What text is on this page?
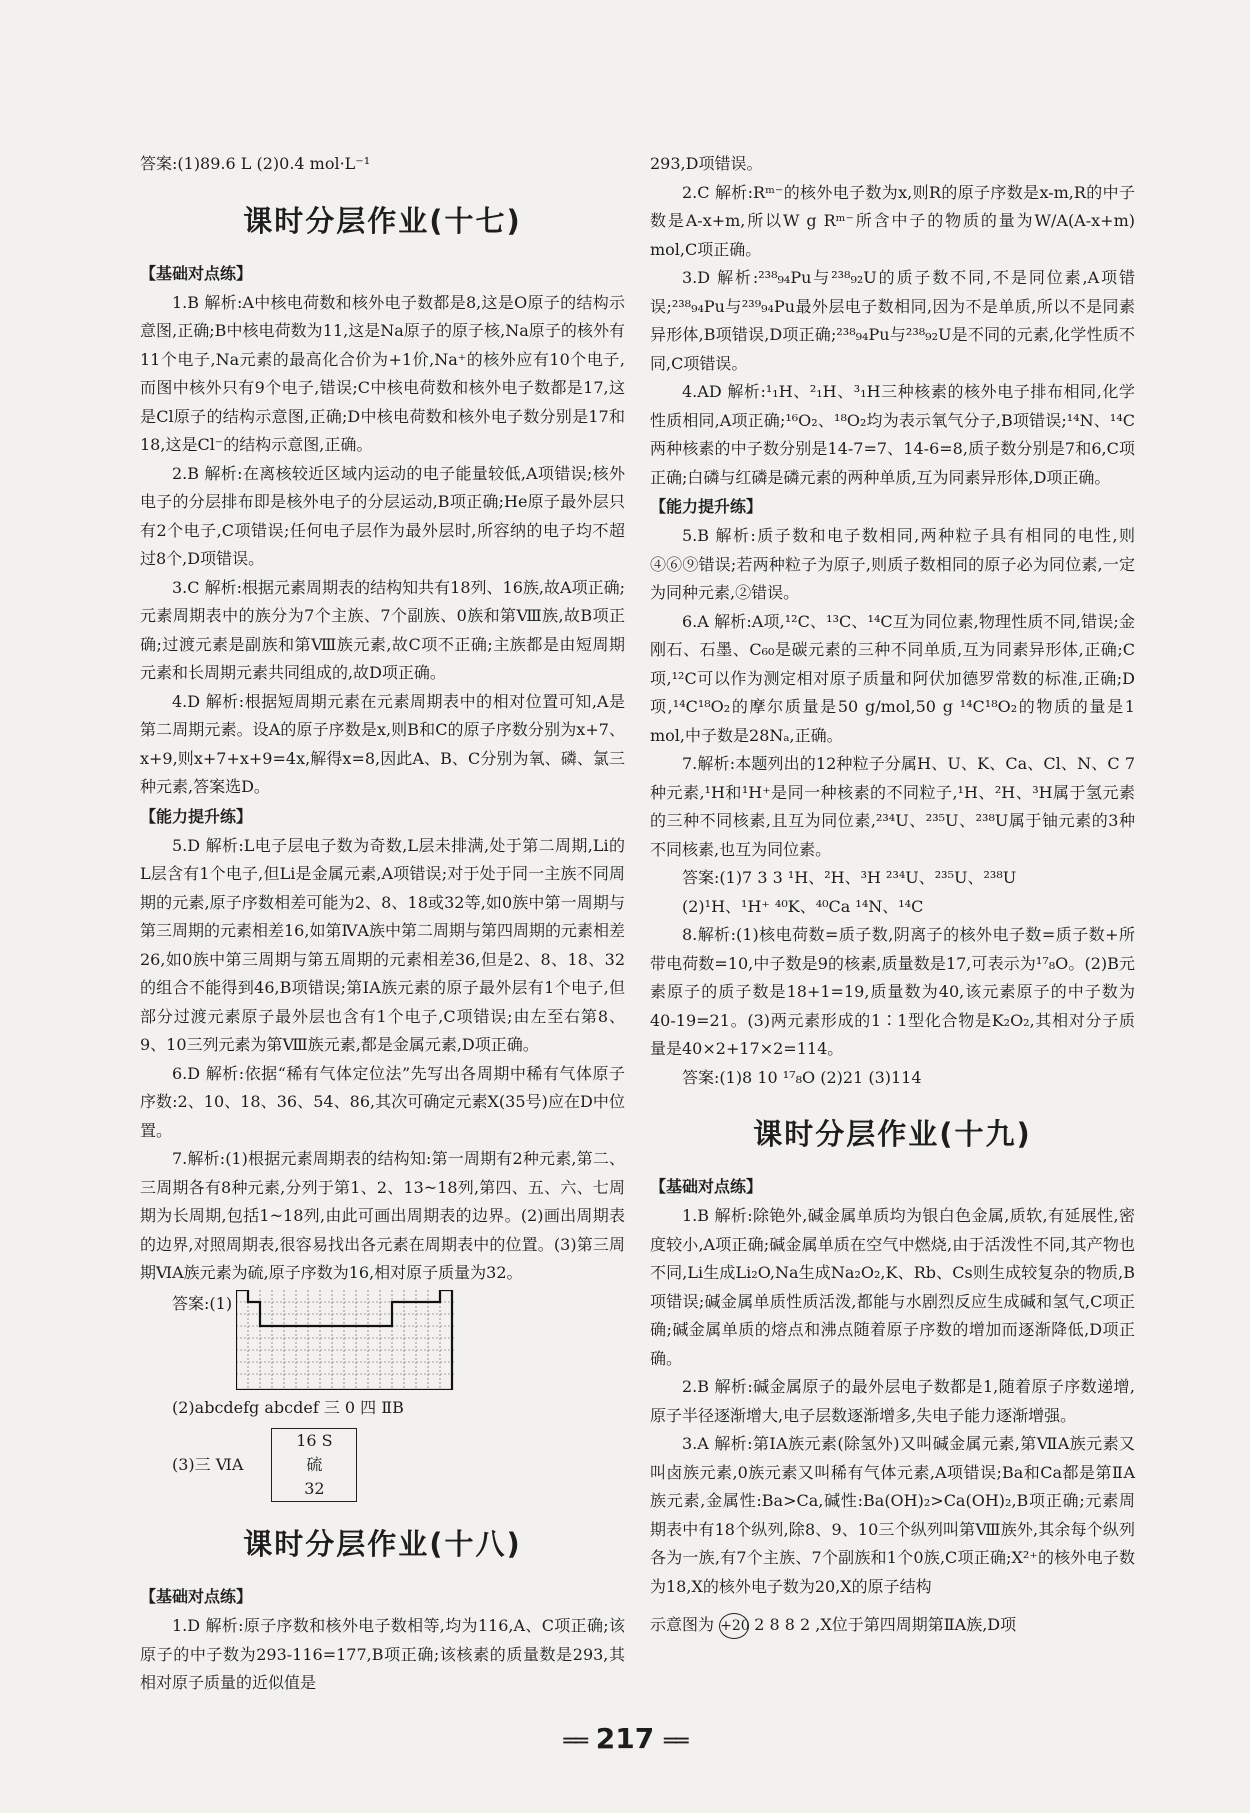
答案:(1)89.6 L (2)0.4 mol·L⁻¹

课时分层作业(十七)
【基础对点练】

1.B 解析:A中核电荷数和核外电子数都是8,这是O原子的结构示意图,正确;B中核电荷数为11,这是Na原子的原子核,Na原子的核外有11个电子,Na元素的最高化合价为+1价,Na⁺的核外应有10个电子,而图中核外只有9个电子,错误;C中核电荷数和核外电子数都是17,这是Cl原子的结构示意图,正确;D中核电荷数和核外电子数分别是17和18,这是Cl⁻的结构示意图,正确。

2.B 解析:在离核较近区域内运动的电子能量较低,A项错误;核外电子的分层排布即是核外电子的分层运动,B项正确;He原子最外层只有2个电子,C项错误;任何电子层作为最外层时,所容纳的电子均不超过8个,D项错误。

3.C 解析:根据元素周期表的结构知共有18列、16族,故A项正确;元素周期表中的族分为7个主族、7个副族、0族和第Ⅷ族,故B项正确;过渡元素是副族和第Ⅷ族元素,故C项不正确;主族都是由短周期元素和长周期元素共同组成的,故D项正确。

4.D 解析:根据短周期元素在元素周期表中的相对位置可知,A是第二周期元素。设A的原子序数是x,则B和C的原子序数分别为x+7、x+9,则x+7+x+9=4x,解得x=8,因此A、B、C分别为氧、磷、氯三种元素,答案选D。

【能力提升练】

5.D 解析:L电子层电子数为奇数,L层未排满,处于第二周期,Li的L层含有1个电子,但Li是金属元素,A项错误;对于处于同一主族不同周期的元素,原子序数相差可能为2、8、18或32等,如0族中第一周期与第三周期的元素相差16,如第ⅣA族中第二周期与第四周期的元素相差26,如0族中第三周期与第五周期的元素相差36,但是2、8、18、32的组合不能得到46,B项错误;第ⅠA族元素的原子最外层有1个电子,但部分过渡元素原子最外层也含有1个电子,C项错误;由左至右第8、9、10三列元素为第Ⅷ族元素,都是金属元素,D项正确。

6.D 解析:依据“稀有气体定位法”先写出各周期中稀有气体原子序数:2、10、18、36、54、86,其次可确定元素X(35号)应在D中位置。

7.解析:(1)根据元素周期表的结构知:第一周期有2种元素,第二、三周期各有8种元素,分列于第1、2、13~18列,第四、五、六、七周期为长周期,包括1~18列,由此可画出周期表的边界。(2)画出周期表的边界,对照周期表,很容易找出各元素在周期表中的位置。(3)第三周期ⅥA族元素为硫,原子序数为16,相对原子质量为32。

答案:(1)

(2)abcdefg abcdef 三 0 四 ⅡB

(3)三 ⅥA
16 S
硫
32
课时分层作业(十八)
【基础对点练】

1.D 解析:原子序数和核外电子数相等,均为116,A、C项正确;该原子的中子数为293-116=177,B项正确;该核素的质量数是293,其相对原子质量的近似值是

293,D项错误。

2.C 解析:Rᵐ⁻的核外电子数为x,则R的原子序数是x-m,R的中子数是A-x+m,所以W g Rᵐ⁻所含中子的物质的量为W/A(A-x+m) mol,C项正确。

3.D 解析:²³⁸₉₄Pu与²³⁸₉₂U的质子数不同,不是同位素,A项错误;²³⁸₉₄Pu与²³⁹₉₄Pu最外层电子数相同,因为不是单质,所以不是同素异形体,B项错误,D项正确;²³⁸₉₄Pu与²³⁸₉₂U是不同的元素,化学性质不同,C项错误。

4.AD 解析:¹₁H、²₁H、³₁H三种核素的核外电子排布相同,化学性质相同,A项正确;¹⁶O₂、¹⁸O₂均为表示氧气分子,B项错误;¹⁴N、¹⁴C两种核素的中子数分别是14-7=7、14-6=8,质子数分别是7和6,C项正确;白磷与红磷是磷元素的两种单质,互为同素异形体,D项正确。

【能力提升练】

5.B 解析:质子数和电子数相同,两种粒子具有相同的电性,则④⑥⑨错误;若两种粒子为原子,则质子数相同的原子必为同位素,一定为同种元素,②错误。

6.A 解析:A项,¹²C、¹³C、¹⁴C互为同位素,物理性质不同,错误;金刚石、石墨、C₆₀是碳元素的三种不同单质,互为同素异形体,正确;C项,¹²C可以作为测定相对原子质量和阿伏加德罗常数的标准,正确;D项,¹⁴C¹⁸O₂的摩尔质量是50 g/mol,50 g ¹⁴C¹⁸O₂的物质的量是1 mol,中子数是28Nₐ,正确。

7.解析:本题列出的12种粒子分属H、U、K、Ca、Cl、N、C 7种元素,¹H和¹H⁺是同一种核素的不同粒子,¹H、²H、³H属于氢元素的三种不同核素,且互为同位素,²³⁴U、²³⁵U、²³⁸U属于铀元素的3种不同核素,也互为同位素。

答案:(1)7 3 3 ¹H、²H、³H ²³⁴U、²³⁵U、²³⁸U

(2)¹H、¹H⁺ ⁴⁰K、⁴⁰Ca ¹⁴N、¹⁴C

8.解析:(1)核电荷数=质子数,阴离子的核外电子数=质子数+所带电荷数=10,中子数是9的核素,质量数是17,可表示为¹⁷₈O。(2)B元素原子的质子数是18+1=19,质量数为40,该元素原子的中子数为40-19=21。(3)两元素形成的1∶1型化合物是K₂O₂,其相对分子质量是40×2+17×2=114。

答案:(1)8 10 ¹⁷₈O (2)21 (3)114

课时分层作业(十九)
【基础对点练】

1.B 解析:除铯外,碱金属单质均为银白色金属,质软,有延展性,密度较小,A项正确;碱金属单质在空气中燃烧,由于活泼性不同,其产物也不同,Li生成Li₂O,Na生成Na₂O₂,K、Rb、Cs则生成较复杂的物质,B项错误;碱金属单质性质活泼,都能与水剧烈反应生成碱和氢气,C项正确;碱金属单质的熔点和沸点随着原子序数的增加而逐渐降低,D项正确。

2.B 解析:碱金属原子的最外层电子数都是1,随着原子序数递增,原子半径逐渐增大,电子层数逐渐增多,失电子能力逐渐增强。

3.A 解析:第ⅠA族元素(除氢外)又叫碱金属元素,第ⅦA族元素又叫卤族元素,0族元素又叫稀有气体元素,A项错误;Ba和Ca都是第ⅡA族元素,金属性:Ba>Ca,碱性:Ba(OH)₂>Ca(OH)₂,B项正确;元素周期表中有18个纵列,除8、9、10三个纵列叫第Ⅷ族外,其余每个纵列各为一族,有7个主族、7个副族和1个0族,C项正确;X²⁺的核外电子数为18,X的核外电子数为20,X的原子结构

示意图为 +20 2 8 8 2 ,X位于第四周期第ⅡA族,D项

══ 217 ══
